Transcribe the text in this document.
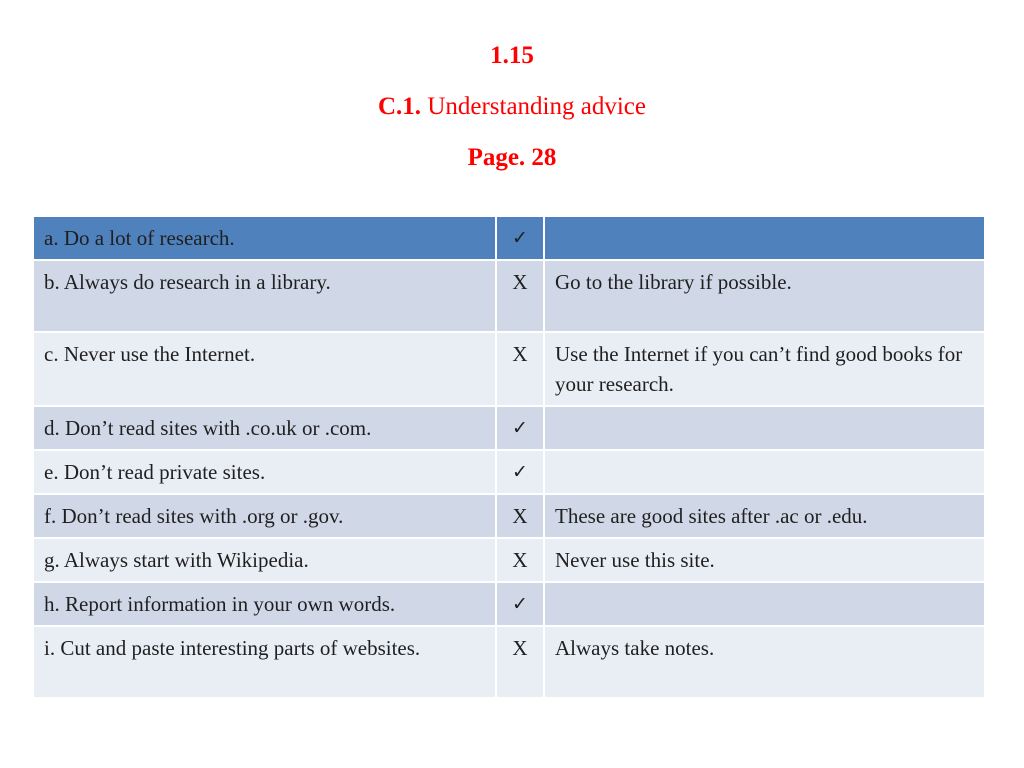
1.15
C.1. Understanding advice
Page. 28
a. Do a lot of research.	✓	
b. Always do research in a library.	X	Go to the library if possible.
c. Never use the Internet.	X	Use the Internet if you can’t find good books for your research.
d. Don’t read sites with .co.uk or .com.	✓	
e. Don’t read private sites.	✓	
f. Don’t read sites with .org or .gov.	X	These are good sites after .ac or .edu.
g. Always start with Wikipedia.	X	Never use this site.
h. Report information in your own words.	✓	
i. Cut and paste interesting parts of websites.	X	Always take notes.
